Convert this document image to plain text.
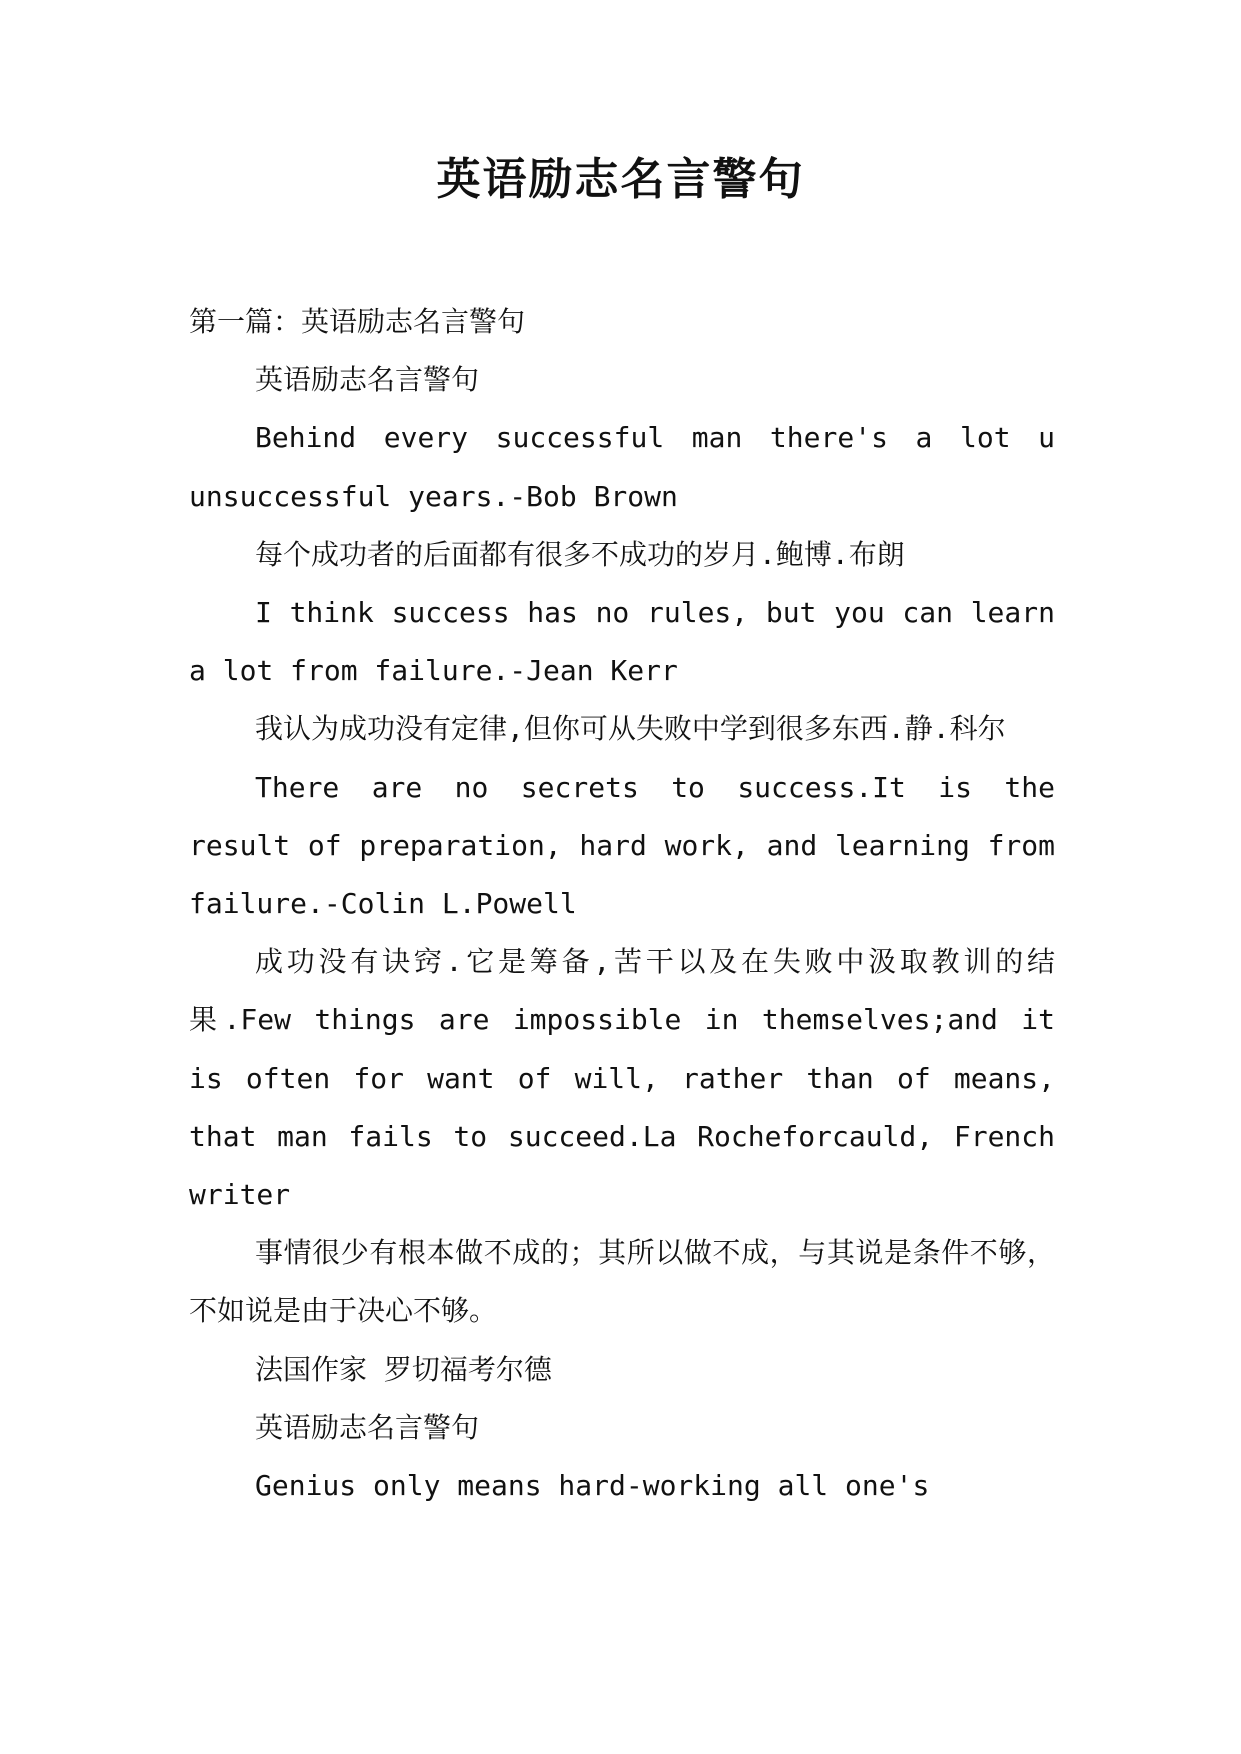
英语励志名言警句

第一篇：英语励志名言警句

英语励志名言警句

Behind every successful man there's a lot u unsuccessful years.-Bob Brown

每个成功者的后面都有很多不成功的岁月.鲍博.布朗

I think success has no rules, but you can learn a lot from failure.-Jean Kerr

我认为成功没有定律,但你可从失败中学到很多东西.静.科尔

There are no secrets to success.It is the result of preparation, hard work, and learning from failure.-Colin L.Powell

成功没有诀窍.它是筹备,苦干以及在失败中汲取教训的结果.Few things are impossible in themselves;and it is often for want of will, rather than of means, that man fails to succeed.La Rocheforcauld, French writer

事情很少有根本做不成的；其所以做不成，与其说是条件不够，不如说是由于决心不够。

法国作家 罗切福考尔德

英语励志名言警句

Genius only means hard-working all one's
